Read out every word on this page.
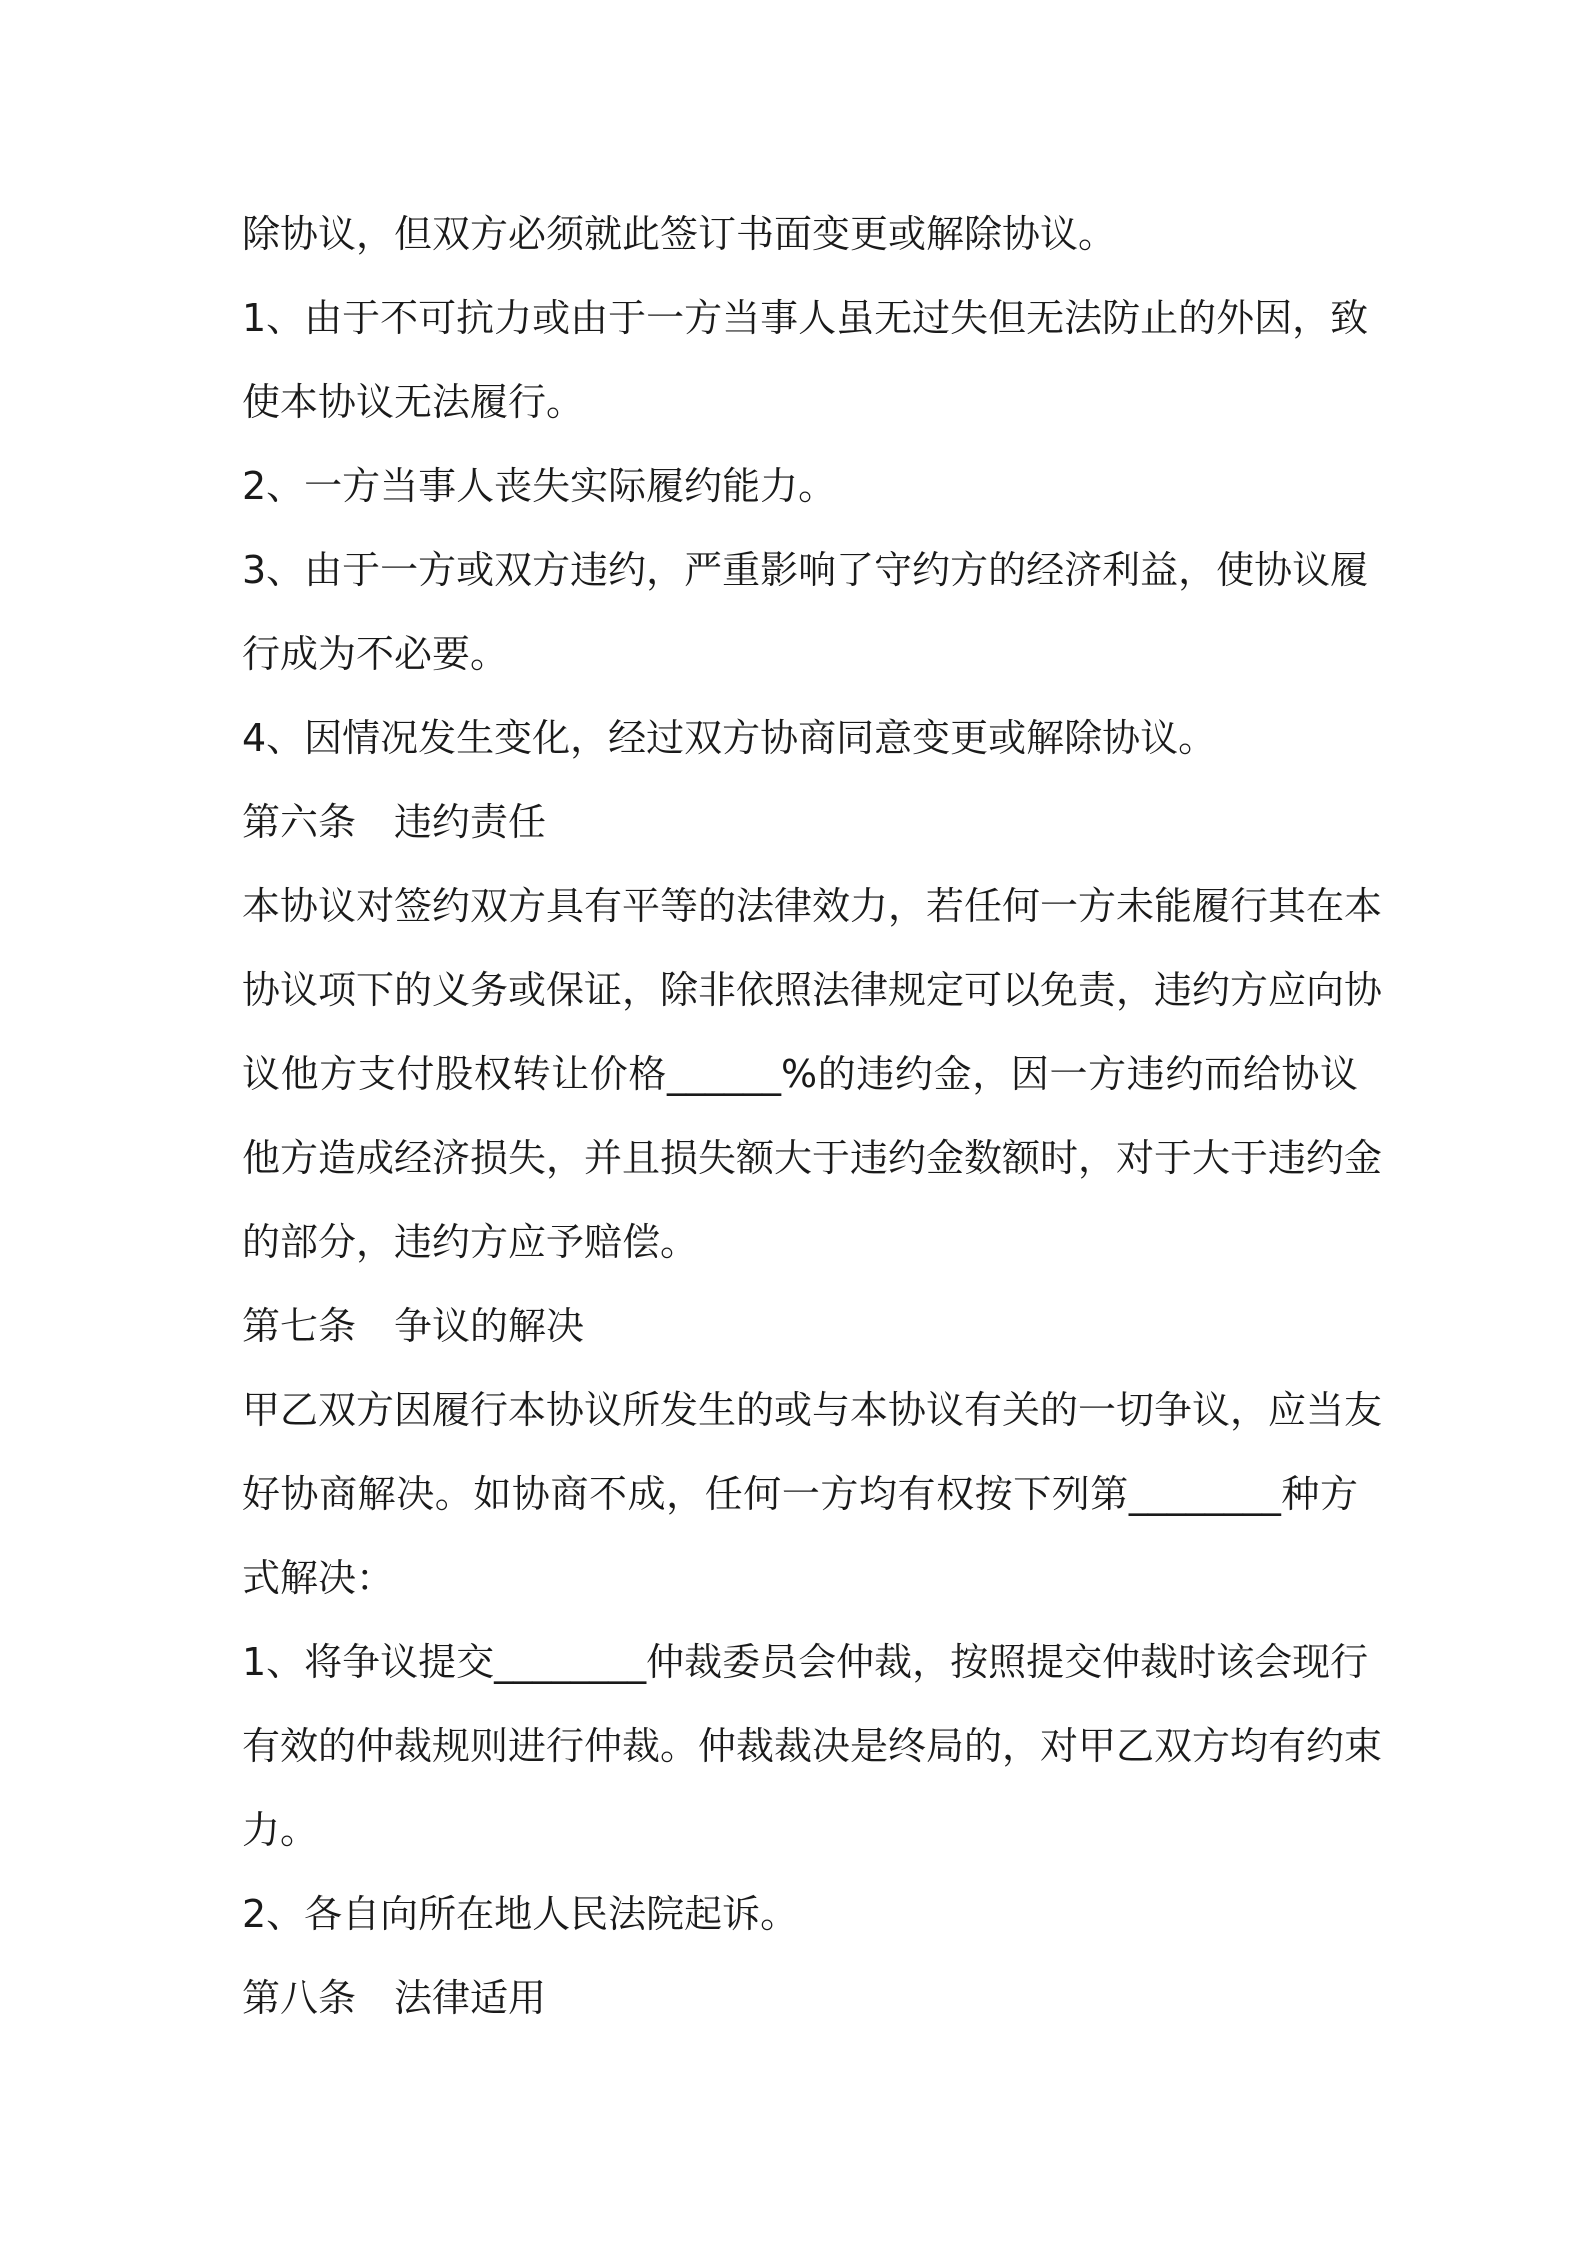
除协议，但双方必须就此签订书面变更或解除协议。
1、由于不可抗力或由于一方当事人虽无过失但无法防止的外因，致
使本协议无法履行。
2、一方当事人丧失实际履约能力。
3、由于一方或双方违约，严重影响了守约方的经济利益，使协议履
行成为不必要。
4、因情况发生变化，经过双方协商同意变更或解除协议。
第六条　违约责任
本协议对签约双方具有平等的法律效力，若任何一方未能履行其在本
协议项下的义务或保证，除非依照法律规定可以免责，违约方应向协
议他方支付股权转让价格______%的违约金，因一方违约而给协议
他方造成经济损失，并且损失额大于违约金数额时，对于大于违约金
的部分，违约方应予赔偿。
第七条　争议的解决
甲乙双方因履行本协议所发生的或与本协议有关的一切争议，应当友
好协商解决。如协商不成，任何一方均有权按下列第________种方
式解决：
1、将争议提交________仲裁委员会仲裁，按照提交仲裁时该会现行
有效的仲裁规则进行仲裁。仲裁裁决是终局的，对甲乙双方均有约束
力。
2、各自向所在地人民法院起诉。
第八条　法律适用
